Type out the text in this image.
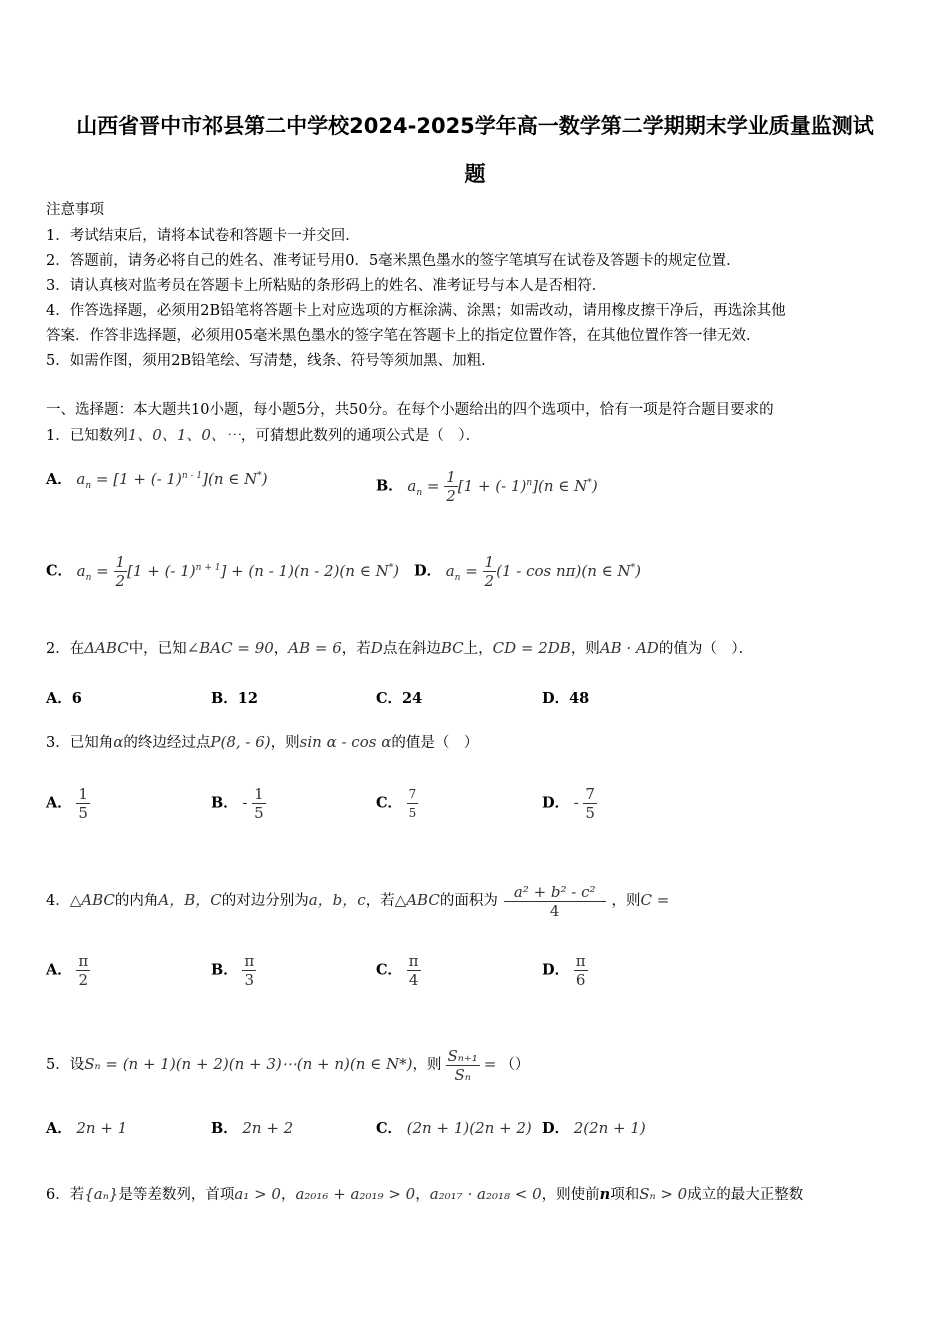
山西省晋中市祁县第二中学校2024-2025学年高一数学第二学期期末学业质量监测试
题
注意事项
1．考试结束后，请将本试卷和答题卡一并交回．
2．答题前，请务必将自己的姓名、准考证号用0．5毫米黑色墨水的签字笔填写在试卷及答题卡的规定位置．
3．请认真核对监考员在答题卡上所粘贴的条形码上的姓名、准考证号与本人是否相符．
4．作答选择题，必须用2B铅笔将答题卡上对应选项的方框涂满、涂黑；如需改动，请用橡皮擦干净后，再选涂其他
答案．作答非选择题，必须用05毫米黑色墨水的签字笔在答题卡上的指定位置作答，在其他位置作答一律无效．
5．如需作图，须用2B铅笔绘、写清楚，线条、符号等须加黑、加粗．
一、选择题：本大题共10小题，每小题5分，共50分。在每个小题给出的四个选项中，恰有一项是符合题目要求的
1．已知数列1、0、1、0、⋯，可猜想此数列的通项公式是（　）．
A． $a_n = [1$ + (- 1)$^{n - 1}$](n ∈ N*)	B． $a_n = \frac{1}{2} [1$ + (- 1)$^n$](n ∈ N*)
C． $a_n = \frac{1}{2} [1$ + (- 1)$^{n + 1}$] + (n - 1)(n - 2)(n ∈ N*) D． $a_n = \frac{1}{2} (1 - \cos n\pi)(n$ ∈ N*)
2．在ΔABC中，已知∠BAC = 90，AB = 6，若D点在斜边BC上，CD = 2DB，则AB · AD的值为（　）．
A．6	B．12	C．24	D．48
3．已知角α的终边经过点P(8, - 6)，则sin α - cos α的值是（　）
A． $\frac{1}{5}$	B． - $\frac{1}{5}$	C． $\frac{7}{5}$	D． - $\frac{7}{5}$
4．△ABC的内角A，B，C的对边分别为a，b，c，若△ABC的面积为 $\frac{\text{a² + b² - c²}}{4}$ ，则C =
A． $\frac{\pi}{2}$	B． $\frac{\pi}{3}$	C． $\frac{\pi}{4}$	D． $\frac{\pi}{6}$
5．设Sₙ = (n + 1)(n + 2)(n + 3)⋯(n + n)(n ∈ N*)，则 $\frac{\text{Sₙ₊₁}}{\text{Sₙ}}$ = （）
A． 2n + 1	B． 2n + 2	C． (2n + 1)(2n + 2) D． 2(2n + 1)
6．若{aₙ}是等差数列，首项a₁ > 0，a₂₀₁₆ + a₂₀₁₉ > 0，a₂₀₁₇ · a₂₀₁₈ < 0，则使前n项和Sₙ > 0成立的最大正整数
